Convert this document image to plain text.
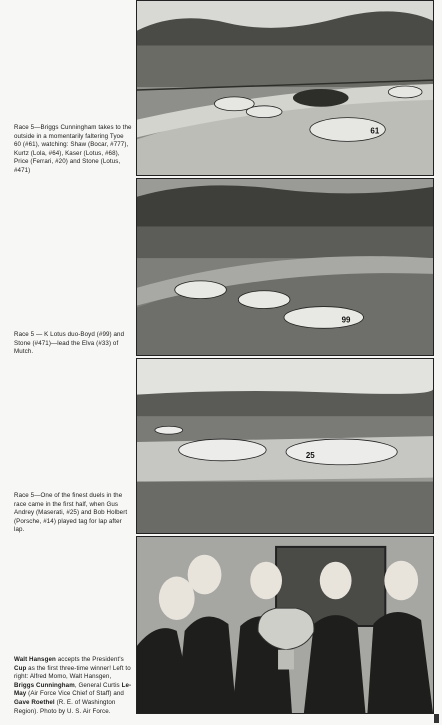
61

Race 5—Briggs Cunningham takes to the outside in a momentarily faltering Tyoe 60 (#61), watching: Shaw (Bocar, #777), Kurtz (Lola, #64), Kaser (Lotus, #68), Price (Ferrari, #20) and Stone (Lotus, #471)

99

Race 5 — K Lotus duo-Boyd (#99) and Stone (#471)—lead the Elva (#33) of Mutch.

25

Race 5—One of the finest duels in the race came in the first half, when Gus Andrey (Maserati, #25) and Bob Holbert (Porsche, #14) played tag for lap after lap.

Walt Hansgen accepts the President's Cup as the first three-time winner! Left to right: Alfred Momo, Walt Hansgen, Briggs Cunningham, General Curtis Le-May (Air Force Vice Chief of Staff) and Gave Roethel (R. E. of Washington Region). Photo by U. S. Air Force.
